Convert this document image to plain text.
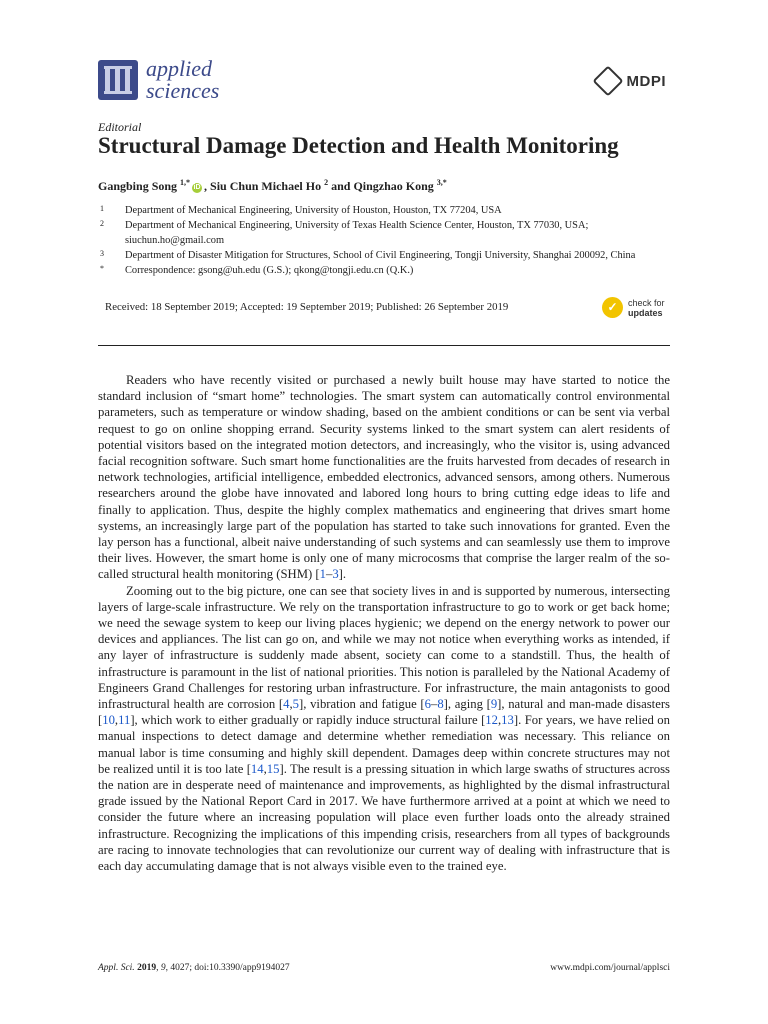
applied
sciences	MDPI
Editorial
Structural Damage Detection and Health Monitoring
Gangbing Song $^{1,*}$iD , Siu Chun Michael Ho $^2$ and Qingzhao Kong $^{3,*}$
1	Department of Mechanical Engineering, University of Houston, Houston, TX 77204, USA
2	Department of Mechanical Engineering, University of Texas Health Science Center, Houston, TX 77030, USA; siuchun.ho@gmail.com
3	Department of Disaster Mitigation for Structures, School of Civil Engineering, Tongji University, Shanghai 200092, China
*	Correspondence: gsong@uh.edu (G.S.); qkong@tongji.edu.cn (Q.K.)
Received: 18 September 2019; Accepted: 19 September 2019; Published: 26 September 2019	✓	check for
updates

Readers who have recently visited or purchased a newly built house may have started to notice the standard inclusion of “smart home” technologies. The smart system can automatically control environmental parameters, such as temperature or window shading, based on the ambient conditions or can be sent via verbal request to go on online shopping errand. Security systems linked to the smart system can alert residents of potential visitors based on the integrated motion detectors, and increasingly, who the visitor is, using advanced facial recognition software. Such smart home functionalities are the fruits harvested from decades of research in network technologies, artificial intelligence, embedded electronics, advanced sensors, among others. Numerous researchers around the globe have innovated and labored long hours to bring cutting edge ideas to life and finally to application. Thus, despite the highly complex mathematics and engineering that drives smart home systems, an increasingly large part of the population has started to take such innovations for granted. Even the lay person has a functional, albeit naive understanding of such systems and can seamlessly use them to improve their lives. However, the smart home is only one of many microcosms that comprise the larger realm of the so-called structural health monitoring (SHM) [1–3].

Zooming out to the big picture, one can see that society lives in and is supported by numerous, intersecting layers of large-scale infrastructure. We rely on the transportation infrastructure to go to work or get back home; we need the sewage system to keep our living places hygienic; we depend on the energy network to power our devices and appliances. The list can go on, and while we may not notice when everything works as intended, if any layer of infrastructure is suddenly made absent, society can come to a standstill. Thus, the health of infrastructure is paramount in the list of national priorities. This notion is paralleled by the National Academy of Engineers Grand Challenges for restoring urban infrastructure. For infrastructure, the main antagonists to good infrastructural health are corrosion [4,5], vibration and fatigue [6–8], aging [9], natural and man-made disasters [10,11], which work to either gradually or rapidly induce structural failure [12,13]. For years, we have relied on manual inspections to detect damage and determine whether remediation was necessary. This reliance on manual labor is time consuming and highly skill dependent. Damages deep within concrete structures may not be realized until it is too late [14,15]. The result is a pressing situation in which large swaths of structures across the nation are in desperate need of maintenance and improvements, as highlighted by the dismal infrastructural grade issued by the National Report Card in 2017. We have furthermore arrived at a point at which we need to consider the future where an increasing population will place even further loads onto the already strained infrastructure. Recognizing the implications of this impending crisis, researchers from all types of backgrounds are racing to innovate technologies that can revolutionize our current way of dealing with infrastructure that is each day accumulating damage that is not always visible even to the trained eye.

Appl. Sci. 2019, 9, 4027; doi:10.3390/app9194027	www.mdpi.com/journal/applsci
